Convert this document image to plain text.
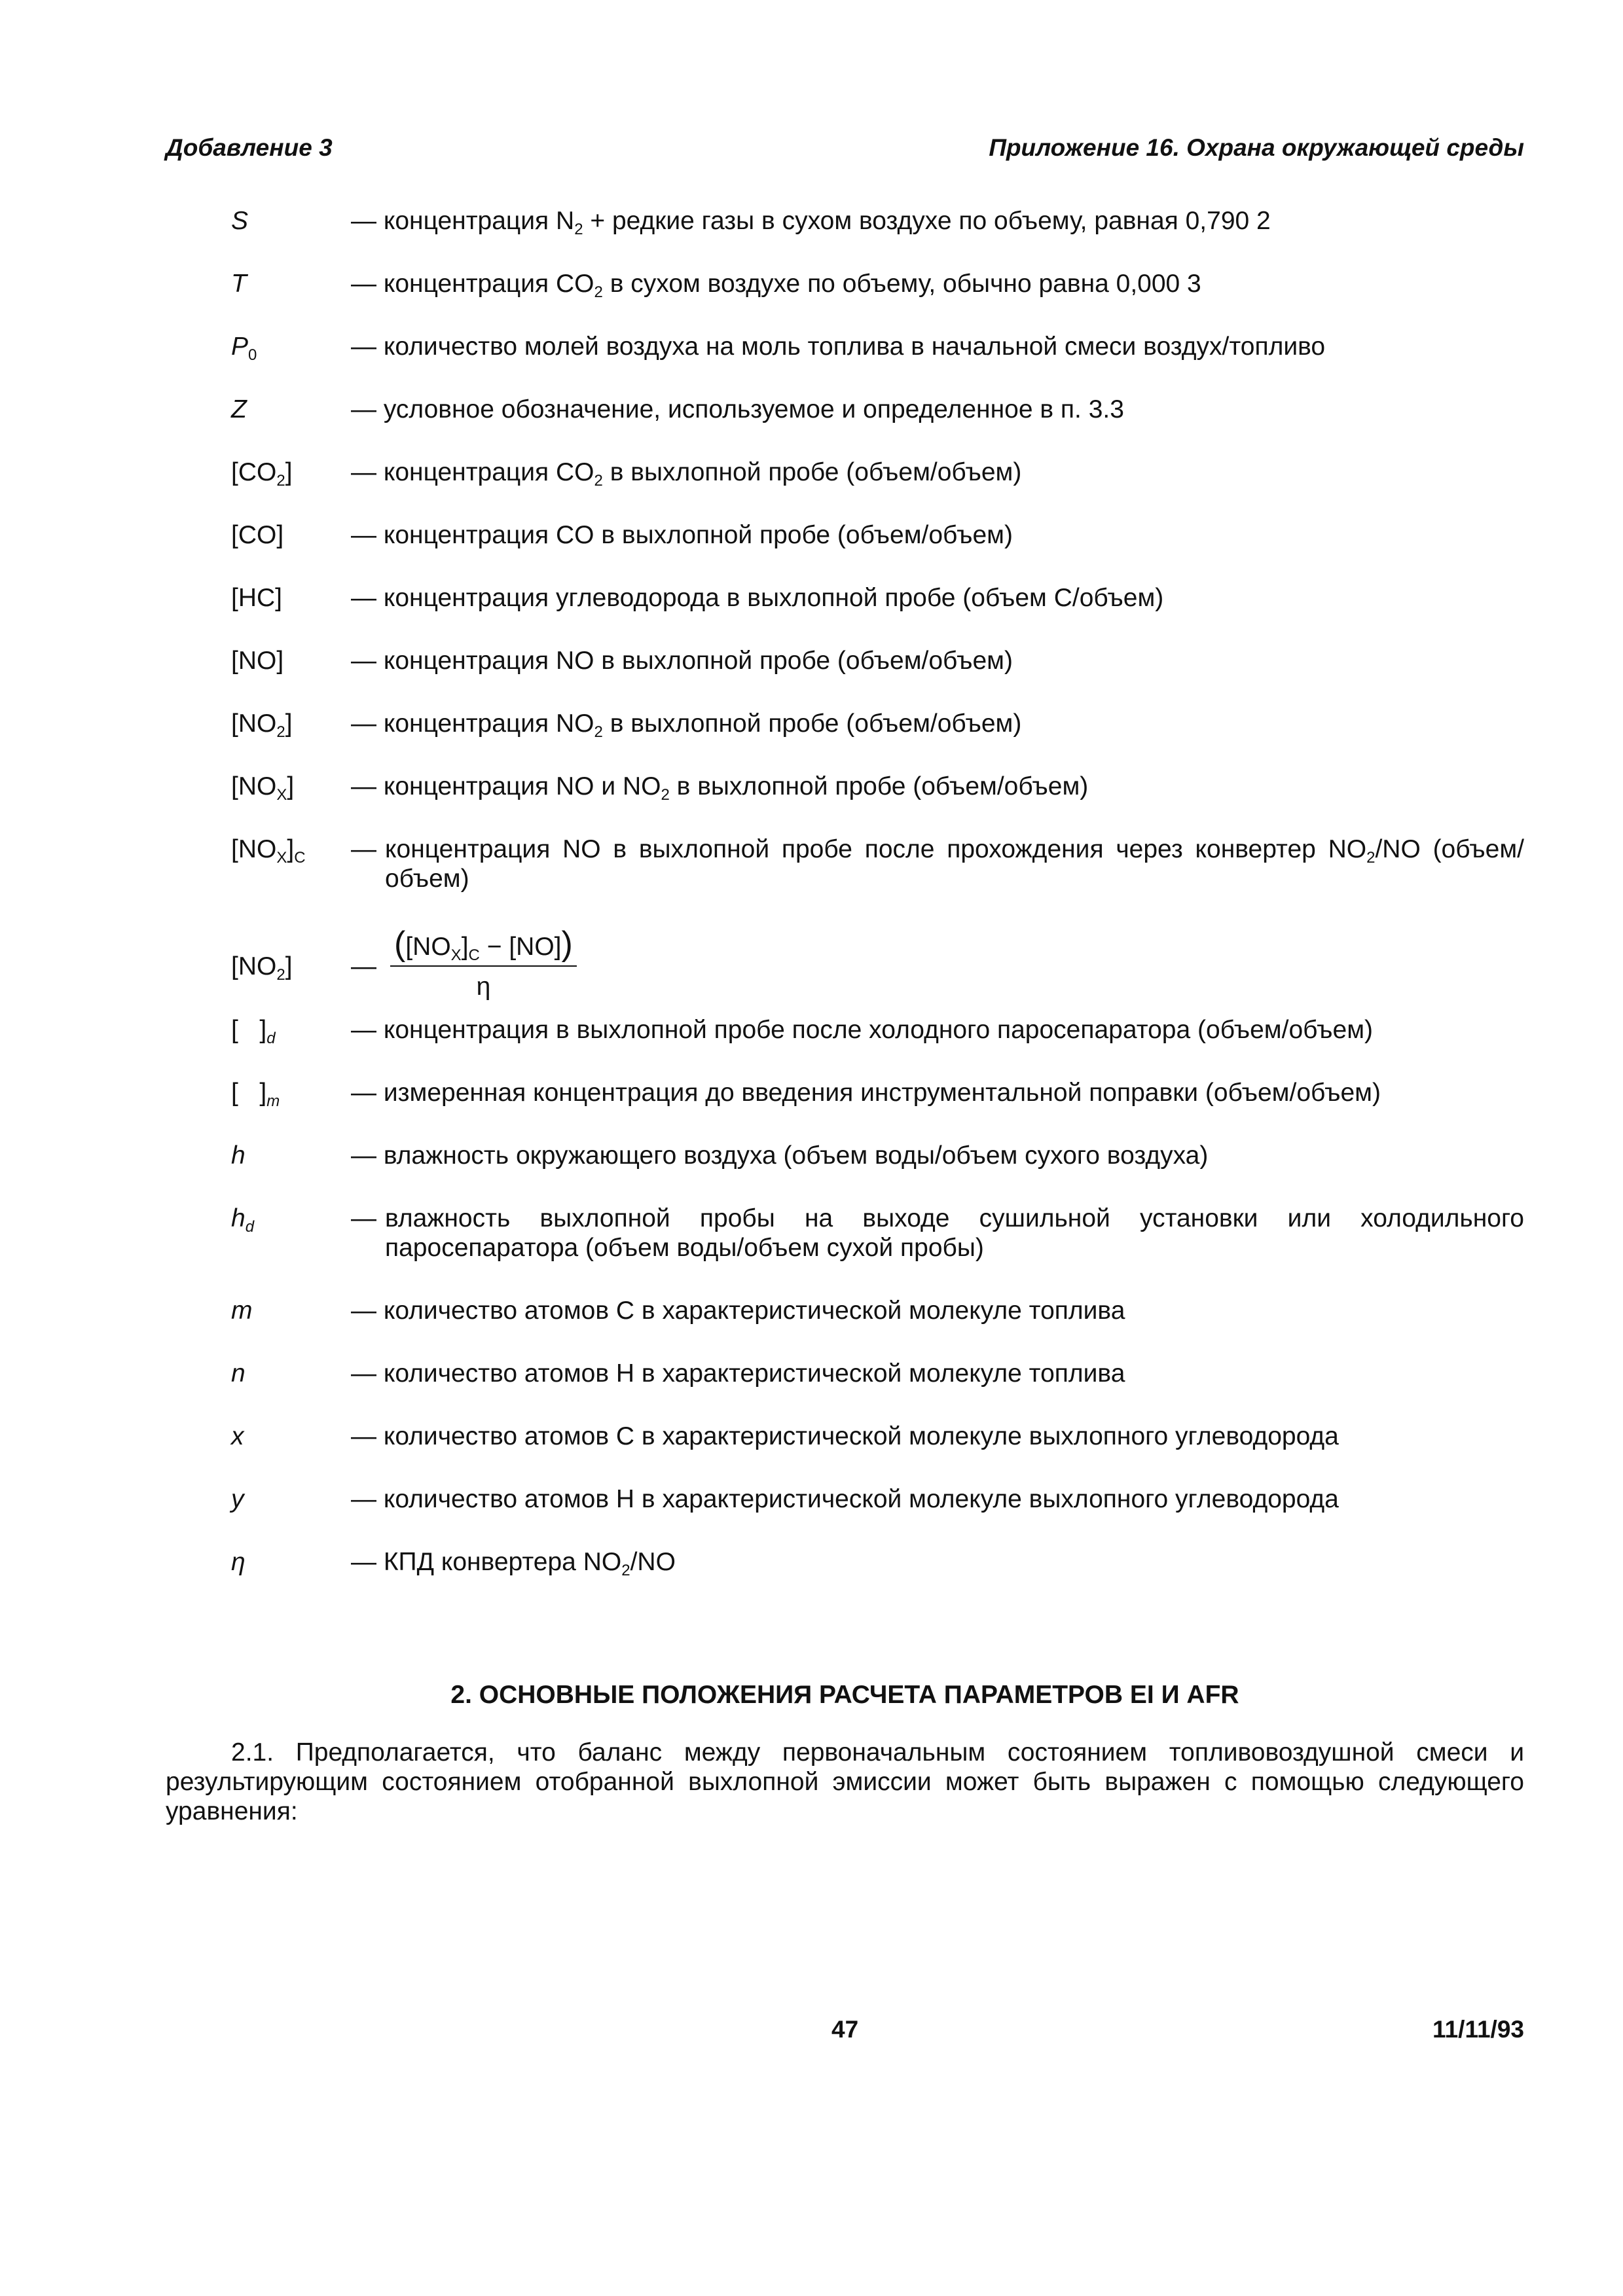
Добавление 3	Приложение 16. Охрана окружающей среды
S	— концентрация $N_2$ + редкие газы в сухом воздухе по объему, равная 0,790 2
T	— концентрация $CO_2$ в сухом воздухе по объему, обычно равна 0,000 3
$P_0$	— количество молей воздуха на моль топлива в начальной смеси воздух/топливо
Z	— условное обозначение, используемое и определенное в п. 3.3
$[CO_2]$	— концентрация $CO_2$ в выхлопной пробе (объем/объем)
[CO]	— концентрация CO в выхлопной пробе (объем/объем)
[HC]	— концентрация углеводорода в выхлопной пробе (объем C/объем)
[NO]	— концентрация NO в выхлопной пробе (объем/объем)
$[NO_2]$	— концентрация $NO_2$ в выхлопной пробе (объем/объем)
$[NO_X]$	— концентрация NO и $NO_2$ в выхлопной пробе (объем/объем)
$[NO_X]_C$	— концентрация NO в выхлопной пробе после прохождения через конвертер $NO_2/NO$ (объем/объем)
$[NO_2]$	— $\frac{([NO_X]_C - [NO])}{\eta}$
[   ]$_d$	— концентрация в выхлопной пробе после холодного паросепаратора (объем/объем)
[   ]$_m$	— измеренная концентрация до введения инструментальной поправки (объем/объем)
h	— влажность окружающего воздуха (объем воды/объем сухого воздуха)
$h_d$	— влажность выхлопной пробы на выходе сушильной установки или холодильного паросепаратора (объем воды/объем сухой пробы)
m	— количество атомов C в характеристической молекуле топлива
n	— количество атомов H в характеристической молекуле топлива
x	— количество атомов C в характеристической молекуле выхлопного углеводорода
y	— количество атомов H в характеристической молекуле выхлопного углеводорода
η	— КПД конвертера $NO_2/NO$
2. ОСНОВНЫЕ ПОЛОЖЕНИЯ РАСЧЕТА ПАРАМЕТРОВ EI И AFR
2.1. Предполагается, что баланс между первоначальным состоянием топливовоздушной смеси и результирующим состоянием отобранной выхлопной эмиссии может быть выражен с помощью следующего уравнения:
47	11/11/93
